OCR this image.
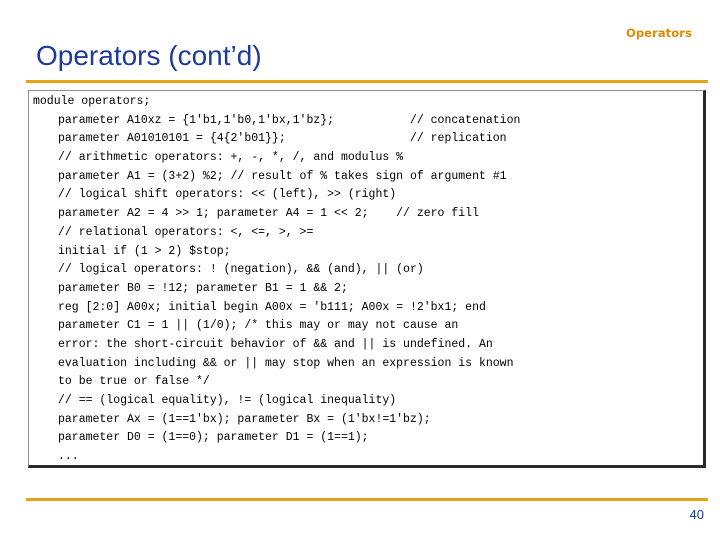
Operators
Operators (cont’d)
module operators;
parameter A10xz = {1'b1,1'b0,1'bx,1'bz};           // concatenation
parameter A01010101 = {4{2'b01}};                  // replication
// arithmetic operators: +, -, *, /, and modulus %
parameter A1 = (3+2) %2; // result of % takes sign of argument #1
// logical shift operators: << (left), >> (right)
parameter A2 = 4 >> 1; parameter A4 = 1 << 2;    // zero fill
// relational operators: <, <=, >, >=
initial if (1 > 2) $stop;
// logical operators: ! (negation), && (and), || (or)
parameter B0 = !12; parameter B1 = 1 && 2;
reg [2:0] A00x; initial begin A00x = 'b111; A00x = !2'bx1; end
parameter C1 = 1 || (1/0); /* this may or may not cause an
error: the short-circuit behavior of && and || is undefined. An
evaluation including && or || may stop when an expression is known
to be true or false */
// == (logical equality), != (logical inequality)
parameter Ax = (1==1'bx); parameter Bx = (1'bx!=1'bz);
parameter D0 = (1==0); parameter D1 = (1==1);
...
40
